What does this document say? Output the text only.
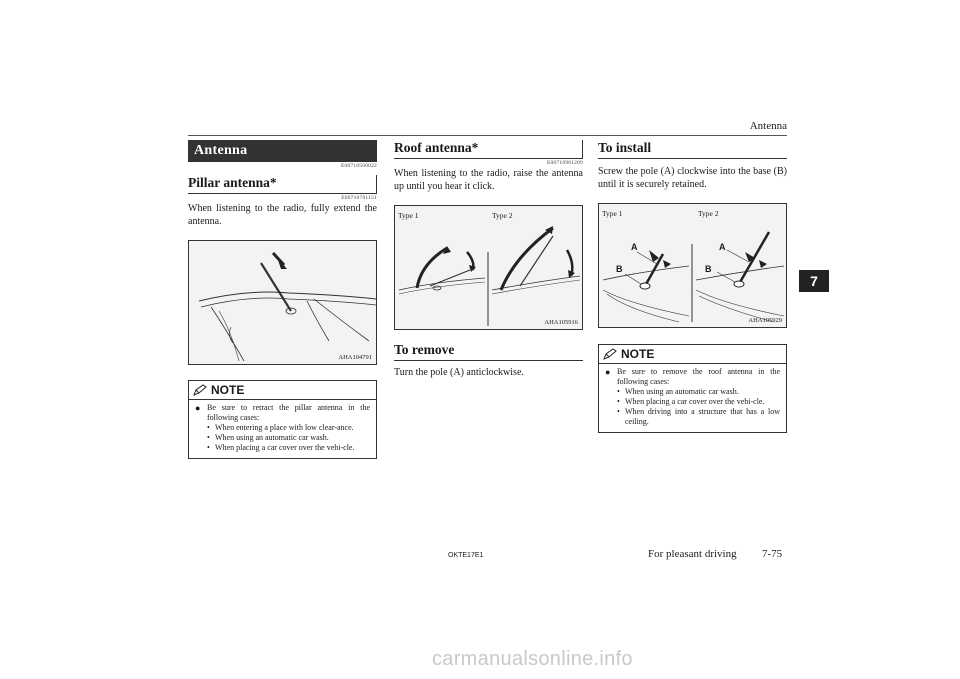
Antenna
7
Antenna
E00710500022
Pillar antenna*
E00710701151
When listening to the radio, fully extend the antenna.
AHA104791
NOTE
● Be sure to retract the pillar antenna in the following cases:
• When entering a place with low clear-ance.
• When using an automatic car wash.
• When placing a car cover over the vehi-cle.
Roof antenna*
E00710901209
When listening to the radio, raise the antenna up until you hear it click.
Type 1	Type 2
AHA105916
To remove
Turn the pole (A) anticlockwise.
To install
Screw the pole (A) clockwise into the base (B) until it is securely retained.
Type 1	Type 2
A
B
A
B
AHA105929
NOTE
● Be sure to remove the roof antenna in the following cases:
• When using an automatic car wash.
• When placing a car cover over the vehi-cle.
• When driving into a structure that has a low ceiling.
OKTE17E1	For pleasant driving 7-75
carmanualsonline.info
